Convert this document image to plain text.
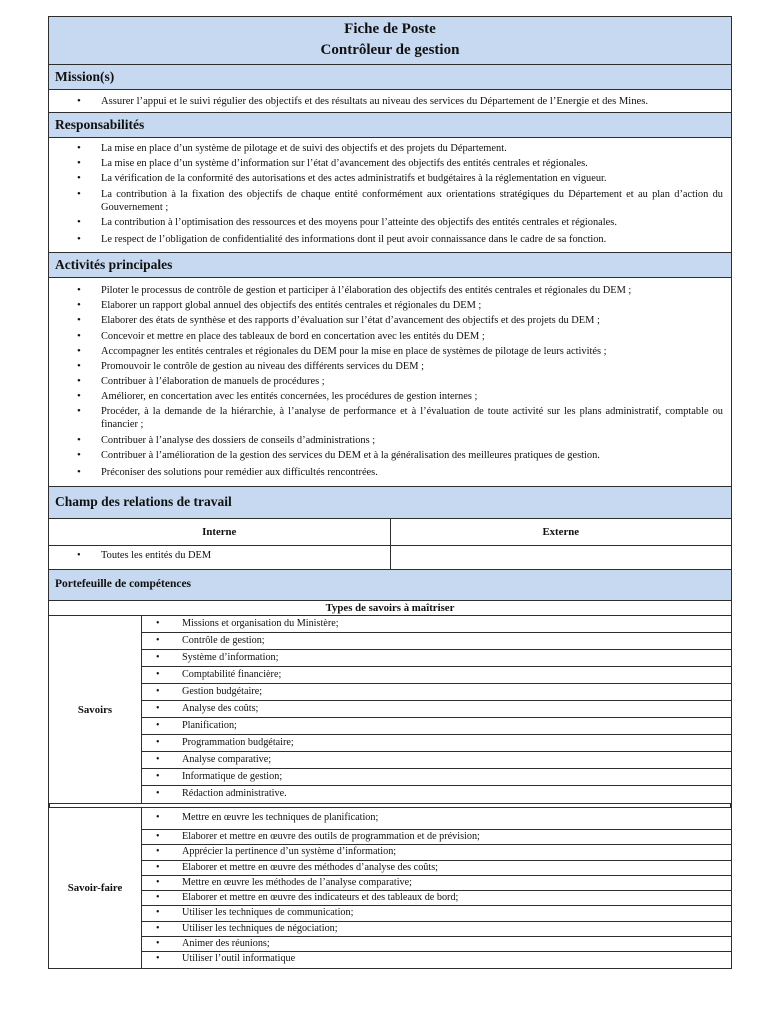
Fiche de Poste
Contrôleur de gestion
Mission(s)
• Assurer l’appui et le suivi régulier des objectifs et des résultats au niveau des services du Département de l’Energie et des Mines.
Responsabilités
• La mise en place d’un système de pilotage et de suivi des objectifs et des projets du Département.
• La mise en place d’un système d’information sur l’état d’avancement des objectifs des entités centrales et régionales.
• La vérification de la conformité des autorisations et des actes administratifs et budgétaires à la réglementation en vigueur.
• La contribution à la fixation des objectifs de chaque entité conformément aux orientations stratégiques du Département et au plan d’action du Gouvernement ;
• La contribution à l’optimisation des ressources et des moyens pour l’atteinte des objectifs des entités centrales et régionales.
• Le respect de l’obligation de confidentialité des informations dont il peut avoir connaissance dans le cadre de sa fonction.
Activités principales
• Piloter le processus de contrôle de gestion et participer à l’élaboration des objectifs des entités centrales et régionales du DEM ;
• Elaborer un rapport global annuel des objectifs des entités centrales et régionales du DEM ;
• Elaborer des états de synthèse et des rapports d’évaluation sur l’état d’avancement des objectifs et des projets du DEM ;
• Concevoir et mettre en place des tableaux de bord en concertation avec les entités du DEM ;
• Accompagner les entités centrales et régionales du DEM pour la mise en place de systèmes de pilotage de leurs activités ;
• Promouvoir le contrôle de gestion au niveau des différents services du DEM ;
• Contribuer à l’élaboration de manuels de procédures ;
• Améliorer, en concertation avec les entités concernées, les procédures de gestion internes ;
• Procéder, à la demande de la hiérarchie, à l’analyse de performance et à l’évaluation de toute activité sur les plans administratif, comptable ou financier ;
• Contribuer à l’analyse des dossiers de conseils d’administrations ;
• Contribuer à l’amélioration de la gestion des services du DEM et à la généralisation des meilleures pratiques de gestion.
• Préconiser des solutions pour remédier aux difficultés rencontrées.
Champ des relations de travail
Interne
• Toutes les entités du DEM
Externe
Portefeuille de compétences
Types de savoirs à maîtriser
Savoirs
• Missions et organisation du Ministère;
• Contrôle de gestion;
• Système d’information;
• Comptabilité financière;
• Gestion budgétaire;
• Analyse des coûts;
• Planification;
• Programmation budgétaire;
• Analyse comparative;
• Informatique de gestion;
• Rédaction administrative.
Savoir-faire
• Mettre en œuvre les techniques de planification;
• Elaborer et mettre en œuvre des outils de programmation et de prévision;
• Apprécier la pertinence d’un système d’information;
• Elaborer et mettre en œuvre des méthodes d’analyse des coûts;
• Mettre en œuvre les méthodes de l’analyse comparative;
• Elaborer et mettre en œuvre des indicateurs et des tableaux de bord;
• Utiliser les techniques de communication;
• Utiliser les techniques de négociation;
• Animer des réunions;
• Utiliser l’outil informatique
